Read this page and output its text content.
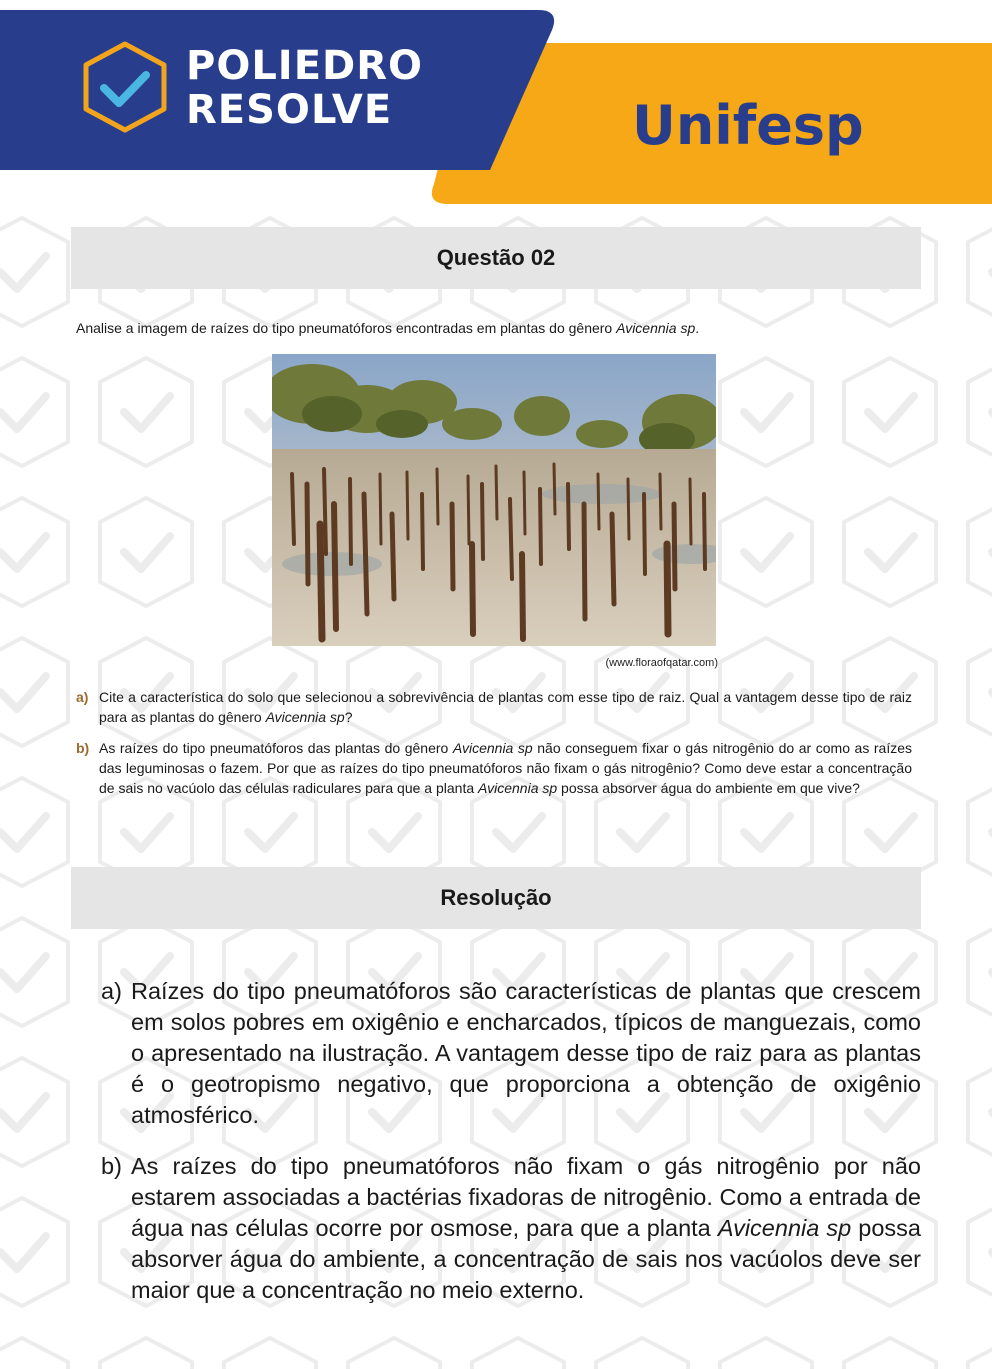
POLIEDRO
RESOLVE	Unifesp
Questão 02
Analise a imagem de raízes do tipo pneumatóforos encontradas em plantas do gênero Avicennia sp.
(www.floraofqatar.com)
a) Cite a característica do solo que selecionou a sobrevivência de plantas com esse tipo de raiz. Qual a vantagem desse tipo de raiz para as plantas do gênero Avicennia sp?
b) As raízes do tipo pneumatóforos das plantas do gênero Avicennia sp não conseguem fixar o gás nitrogênio do ar como as raízes das leguminosas o fazem. Por que as raízes do tipo pneumatóforos não fixam o gás nitrogênio? Como deve estar a concentração de sais no vacúolo das células radiculares para que a planta Avicennia sp possa absorver água do ambiente em que vive?
Resolução
a) Raízes do tipo pneumatóforos são características de plantas que crescem em solos pobres em oxigênio e encharcados, típicos de manguezais, como o apresentado na ilustração. A vantagem desse tipo de raiz para as plantas é o geotropismo negativo, que proporciona a obtenção de oxigênio atmosférico.
b) As raízes do tipo pneumatóforos não fixam o gás nitrogênio por não estarem associadas a bactérias fixadoras de nitrogênio. Como a entrada de água nas células ocorre por osmose, para que a planta Avicennia sp possa absorver água do ambiente, a concentração de sais nos vacúolos deve ser maior que a concentração no meio externo.
